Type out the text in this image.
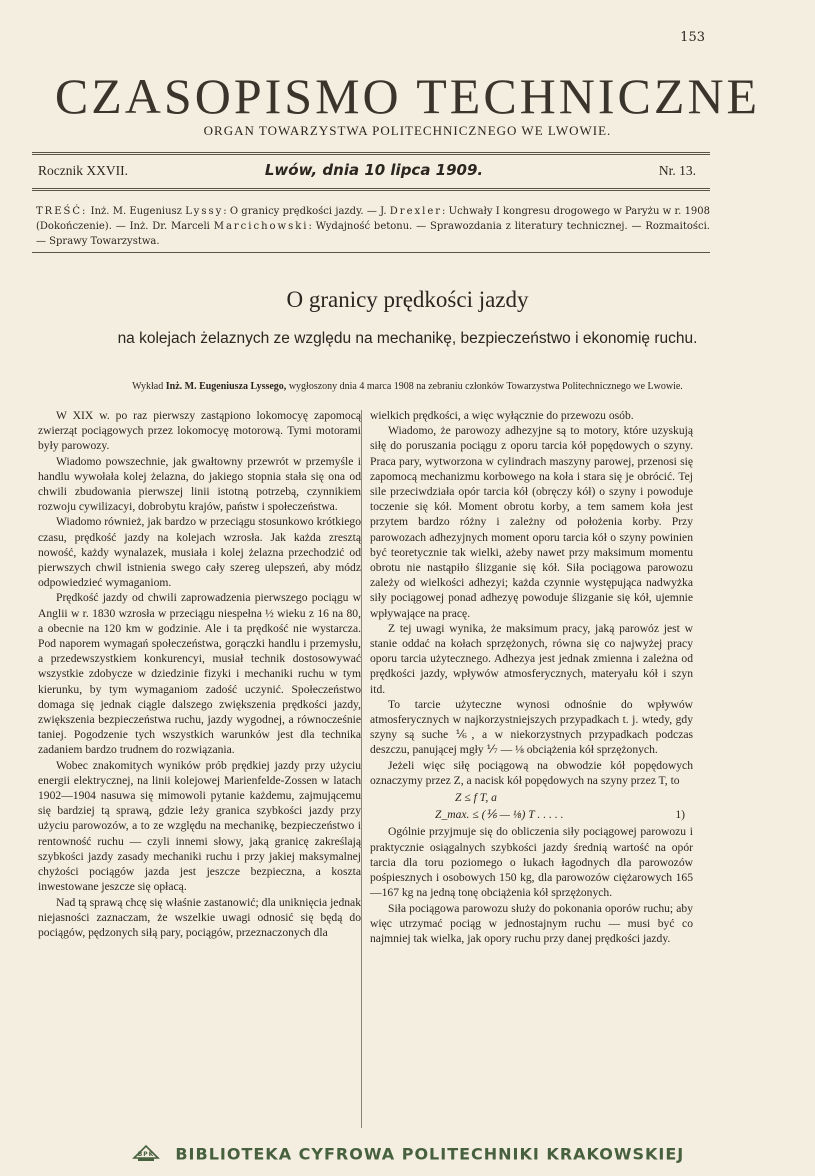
153
CZASOPISMO TECHNICZNE
ORGAN TOWARZYSTWA POLITECHNICZNEGO WE LWOWIE.
Rocznik XXVII.	Lwów, dnia 10 lipca 1909.	Nr. 13.
TREŚĆ: Inż. M. Eugeniusz Lyssy: O granicy prędkości jazdy. — J. Drexler: Uchwały I kongresu drogowego w Paryżu w r. 1908 (Dokończenie). — Inż. Dr. Marceli Marcichowski: Wydajność betonu. — Sprawozdania z literatury technicznej. — Rozmaitości. — Sprawy Towarzystwa.
O granicy prędkości jazdy
na kolejach żelaznych ze względu na mechanikę, bezpieczeństwo i ekonomię ruchu.
Wykład Inż. M. Eugeniusza Lyssego, wygłoszony dnia 4 marca 1908 na zebraniu członków Towarzystwa Politechnicznego we Lwowie.

W XIX w. po raz pierwszy zastąpiono lokomocyę zapomocą zwierząt pociągowych przez lokomocyę motorową. Tymi motorami były parowozy.

Wiadomo powszechnie, jak gwałtowny przewrót w przemyśle i handlu wywołała kolej żelazna, do jakiego stopnia stała się ona od chwili zbudowania pierwszej linii istotną potrzebą, czynnikiem rozwoju cywilizacyi, dobrobytu krajów, państw i społeczeństwa.

Wiadomo również, jak bardzo w przeciągu stosunkowo krótkiego czasu, prędkość jazdy na kolejach wzrosła. Jak każda zresztą nowość, każdy wynalazek, musiała i kolej żelazna przechodzić od pierwszych chwil istnienia swego cały szereg ulepszeń, aby módz odpowiedzieć wymaganiom.

Prędkość jazdy od chwili zaprowadzenia pierwszego pociągu w Anglii w r. 1830 wzrosła w przeciągu niespełna ½ wieku z 16 na 80, a obecnie na 120 km w godzinie. Ale i ta prędkość nie wystarcza. Pod naporem wymagań społeczeństwa, gorączki handlu i przemysłu, a przedewszystkiem konkurencyi, musiał technik dostosowywać wszystkie zdobycze w dziedzinie fizyki i mechaniki ruchu w tym kierunku, by tym wymaganiom zadość uczynić. Społeczeństwo domaga się jednak ciągle dalszego zwiększenia prędkości jazdy, zwiększenia bezpieczeństwa ruchu, jazdy wygodnej, a równocześnie taniej. Pogodzenie tych wszystkich warunków jest dla technika zadaniem bardzo trudnem do rozwiązania.

Wobec znakomitych wyników prób prędkiej jazdy przy użyciu energii elektrycznej, na linii kolejowej Marienfelde-Zossen w latach 1902—1904 nasuwa się mimowoli pytanie każdemu, zajmującemu się bardziej tą sprawą, gdzie leży granica szybkości jazdy przy użyciu parowozów, a to ze względu na mechanikę, bezpieczeństwo i rentowność ruchu — czyli innemi słowy, jaką granicę zakreślają szybkości jazdy zasady mechaniki ruchu i przy jakiej maksymalnej chyżości pociągów jazda jest jeszcze bezpieczna, a koszta inwestowane jeszcze się opłacą.

Nad tą sprawą chcę się właśnie zastanowić; dla uniknięcia jednak niejasności zaznaczam, że wszelkie uwagi odnosić się będą do pociągów, pędzonych siłą pary, pociągów, przeznaczonych dla

wielkich prędkości, a więc wyłącznie do przewozu osób.

Wiadomo, że parowozy adhezyjne są to motory, które uzyskują siłę do poruszania pociągu z oporu tarcia kół popędowych o szyny. Praca pary, wytworzona w cylindrach maszyny parowej, przenosi się zapomocą mechanizmu korbowego na koła i stara się je obrócić. Tej sile przeciwdziała opór tarcia kół (obręczy kół) o szyny i powoduje toczenie się kół. Moment obrotu korby, a tem samem koła jest przytem bardzo różny i zależny od położenia korby. Przy parowozach adhezyjnych moment oporu tarcia kół o szyny powinien być teoretycznie tak wielki, ażeby nawet przy maksimum momentu obrotu nie nastąpiło ślizganie się kół. Siła pociągowa parowozu zależy od wielkości adhezyi; każda czynnie występująca nadwyżka siły pociągowej ponad adhezyę powoduje ślizganie się kół, ujemnie wpływające na pracę.

Z tej uwagi wynika, że maksimum pracy, jaką parowóz jest w stanie oddać na kołach sprzężonych, równa się co najwyżej pracy oporu tarcia użytecznego. Adhezya jest jednak zmienna i zależna od prędkości jazdy, wpływów atmosferycznych, materyału kół i szyn itd.

To tarcie użyteczne wynosi odnośnie do wpływów atmosferycznych w najkorzystniejszych przypadkach t. j. wtedy, gdy szyny są suche ⅙, a w niekorzystnych przypadkach podczas deszczu, panującej mgły ⅐ — ⅛ obciążenia kół sprzężonych.

Jeżeli więc siłę pociągową na obwodzie kół popędowych oznaczymy przez Z, a nacisk kół popędowych na szyny przez T, to

Z ≤ f T, a
Z_max. ≤ (⅙ — ⅛) T . . . . .	1)

Ogólnie przyjmuje się do obliczenia siły pociągowej parowozu i praktycznie osiągalnych szybkości jazdy średnią wartość na opór tarcia dla toru poziomego o łukach łagodnych dla parowozów pośpiesznych i osobowych 150 kg, dla parowozów ciężarowych 165—167 kg na jedną tonę obciążenia kół sprzężonych.

Siła pociągowa parowozu służy do pokonania oporów ruchu; aby więc utrzymać pociąg w jednostajnym ruchu — musi być co najmniej tak wielka, jak opory ruchu przy danej prędkości jazdy.

BPK BIBLIOTEKA CYFROWA POLITECHNIKI KRAKOWSKIEJ
